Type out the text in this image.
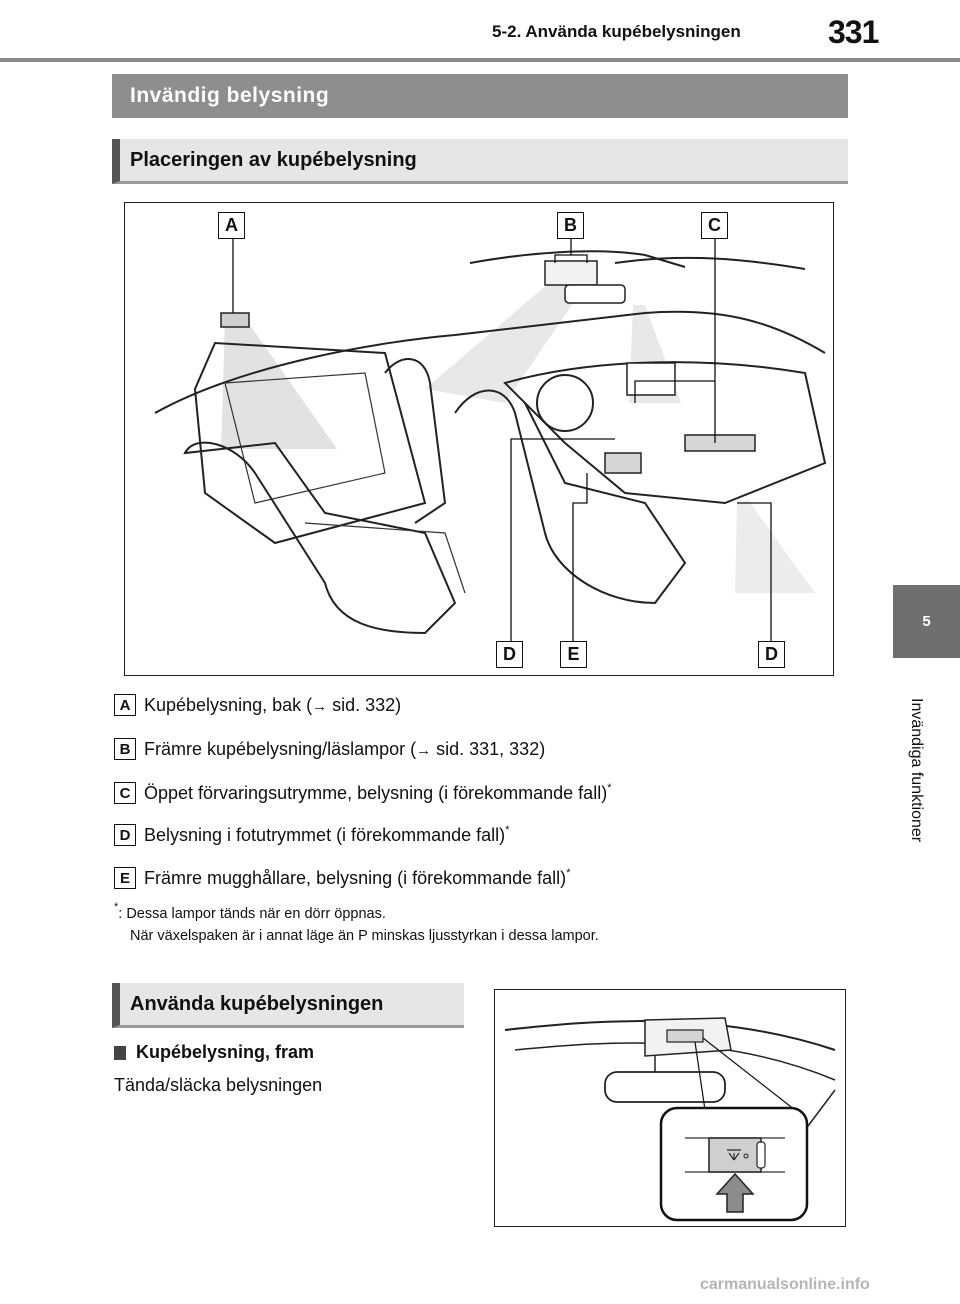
5-2. Använda kupébelysningen	331
5
Invändiga funktioner
Invändig belysning
Placeringen av kupébelysning
A	B	C
D	E	D
A Kupébelysning, bak (→ sid. 332)
B Främre kupébelysning/läslampor (→ sid. 331, 332)
C Öppet förvaringsutrymme, belysning (i förekommande fall)*
D Belysning i fotutrymmet (i förekommande fall)*
E Främre mugghållare, belysning (i förekommande fall)*
*: Dessa lampor tänds när en dörr öppnas.
När växelspaken är i annat läge än P minskas ljusstyrkan i dessa lampor.
Använda kupébelysningen
Kupébelysning, fram
Tända/släcka belysningen
carmanualsonline.info
